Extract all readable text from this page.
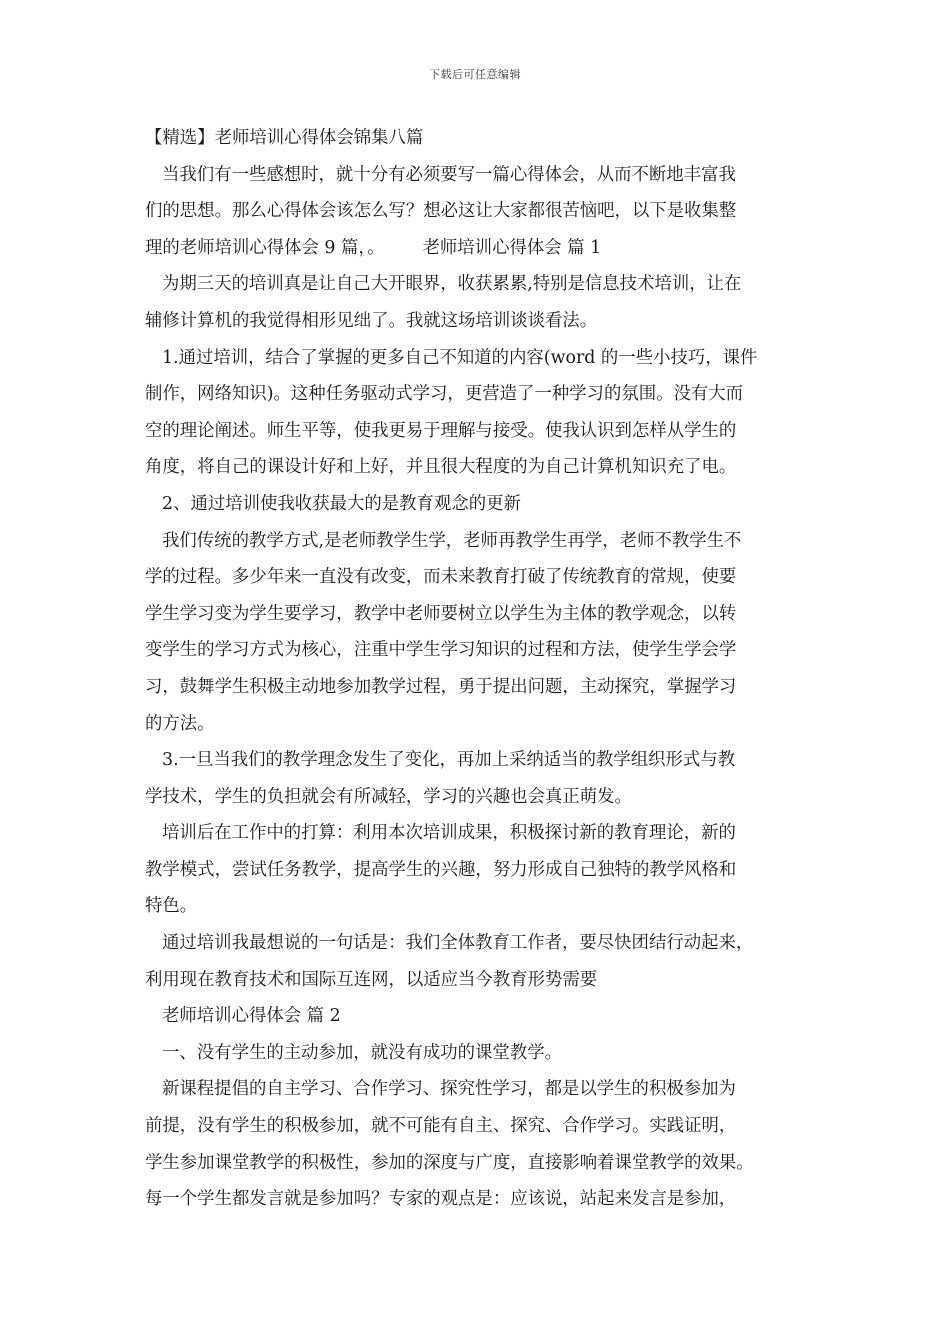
下载后可任意编辑
【精选】老师培训心得体会锦集八篇
当我们有一些感想时，就十分有必须要写一篇心得体会，从而不断地丰富我
们的思想。那么心得体会该怎么写？想必这让大家都很苦恼吧，以下是收集整
理的老师培训心得体会 9 篇，。 老师培训心得体会 篇 1
为期三天的培训真是让自己大开眼界，收获累累,特别是信息技术培训，让在
辅修计算机的我觉得相形见绌了。我就这场培训谈谈看法。
1.通过培训，结合了掌握的更多自己不知道的内容(word 的一些小技巧，课件
制作，网络知识)。这种任务驱动式学习，更营造了一种学习的氛围。没有大而
空的理论阐述。师生平等，使我更易于理解与接受。使我认识到怎样从学生的
角度，将自己的课设计好和上好，并且很大程度的为自己计算机知识充了电。
2、通过培训使我收获最大的是教育观念的更新
我们传统的教学方式,是老师教学生学，老师再教学生再学，老师不教学生不
学的过程。多少年来一直没有改变，而未来教育打破了传统教育的常规，使要
学生学习变为学生要学习，教学中老师要树立以学生为主体的教学观念，以转
变学生的学习方式为核心，注重中学生学习知识的过程和方法，使学生学会学
习，鼓舞学生积极主动地参加教学过程，勇于提出问题，主动探究，掌握学习
的方法。
3.一旦当我们的教学理念发生了变化，再加上采纳适当的教学组织形式与教
学技术，学生的负担就会有所减轻，学习的兴趣也会真正萌发。
培训后在工作中的打算：利用本次培训成果，积极探讨新的教育理论，新的
教学模式，尝试任务教学，提高学生的兴趣，努力形成自己独特的教学风格和
特色。
通过培训我最想说的一句话是：我们全体教育工作者，要尽快团结行动起来，
利用现在教育技术和国际互连网，以适应当今教育形势需要
老师培训心得体会 篇 2
一、没有学生的主动参加，就没有成功的课堂教学。
新课程提倡的自主学习、合作学习、探究性学习，都是以学生的积极参加为
前提，没有学生的积极参加，就不可能有自主、探究、合作学习。实践证明，
学生参加课堂教学的积极性，参加的深度与广度，直接影响着课堂教学的效果。
每一个学生都发言就是参加吗？专家的观点是：应该说，站起来发言是参加，
